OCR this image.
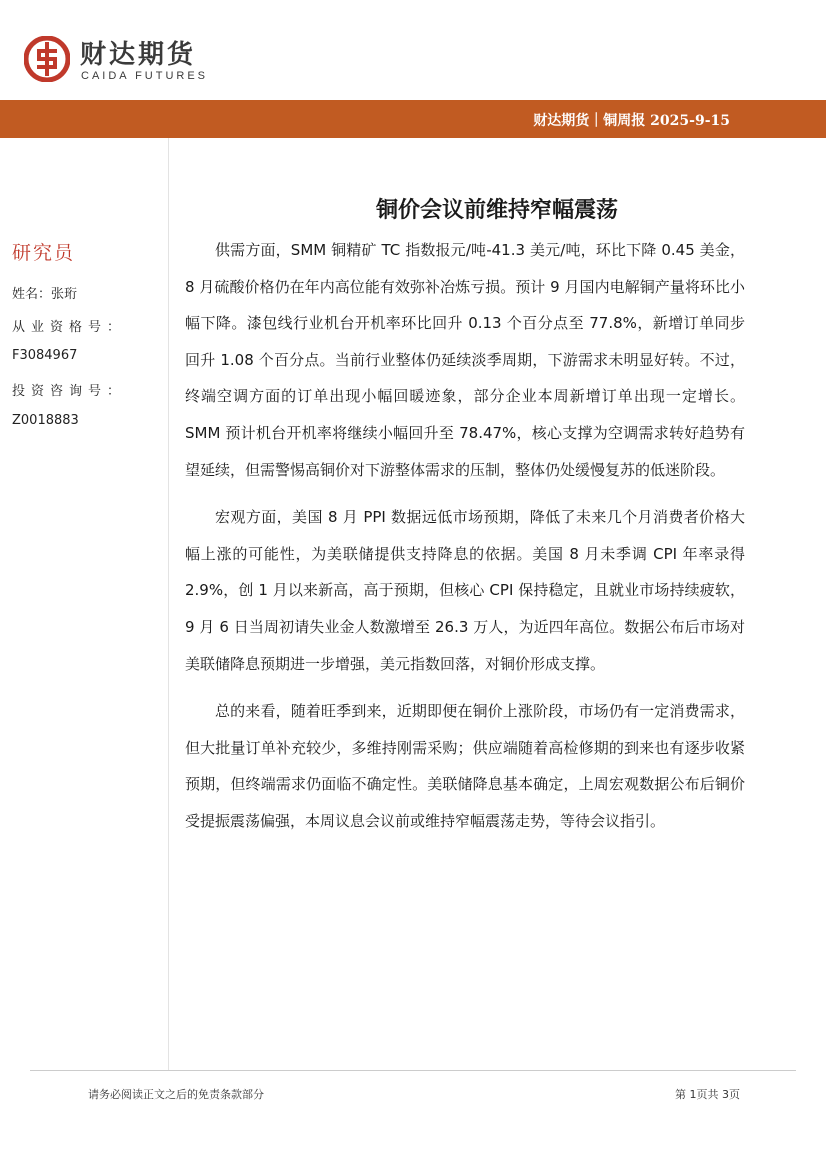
财达期货
CAIDA FUTURES
财达期货｜铜周报 2025-9-15
铜价会议前维持窄幅震荡
研究员
姓名：张珩
从业资格号：
F3084967
投资咨询号：
Z0018883

供需方面，SMM 铜精矿 TC 指数报元/吨-41.3 美元/吨，环比下降 0.45 美金，8 月硫酸价格仍在年内高位能有效弥补冶炼亏损。预计 9 月国内电解铜产量将环比小幅下降。漆包线行业机台开机率环比回升 0.13 个百分点至 77.8%，新增订单同步回升 1.08 个百分点。当前行业整体仍延续淡季周期，下游需求未明显好转。不过，终端空调方面的订单出现小幅回暖迹象，部分企业本周新增订单出现一定增长。SMM 预计机台开机率将继续小幅回升至 78.47%，核心支撑为空调需求转好趋势有望延续，但需警惕高铜价对下游整体需求的压制，整体仍处缓慢复苏的低迷阶段。

宏观方面，美国 8 月 PPI 数据远低市场预期，降低了未来几个月消费者价格大幅上涨的可能性，为美联储提供支持降息的依据。美国 8 月未季调 CPI 年率录得 2.9%，创 1 月以来新高，高于预期，但核心 CPI 保持稳定，且就业市场持续疲软，9 月 6 日当周初请失业金人数激增至 26.3 万人，为近四年高位。数据公布后市场对美联储降息预期进一步增强，美元指数回落，对铜价形成支撑。

总的来看，随着旺季到来，近期即便在铜价上涨阶段，市场仍有一定消费需求，但大批量订单补充较少，多维持刚需采购；供应端随着高检修期的到来也有逐步收紧预期，但终端需求仍面临不确定性。美联储降息基本确定，上周宏观数据公布后铜价受提振震荡偏强，本周议息会议前或维持窄幅震荡走势，等待会议指引。

请务必阅读正文之后的免责条款部分	第 1页共 3页
